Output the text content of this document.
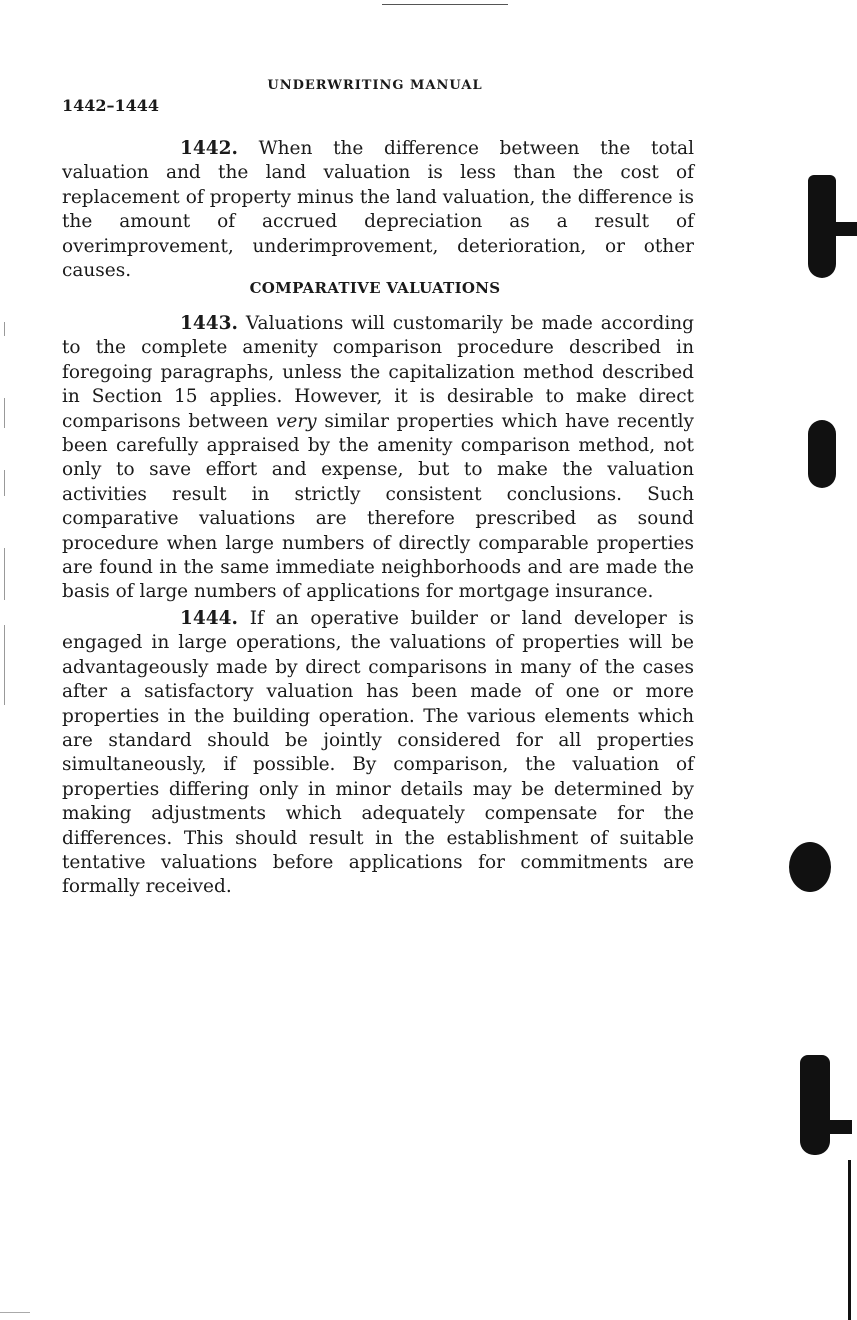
UNDERWRITING MANUAL
1442–1444

1442. When the difference between the total valuation and the land valuation is less than the cost of replacement of property minus the land valuation, the difference is the amount of accrued depreciation as a result of overimprovement, underimprovement, deterioration, or other causes.

COMPARATIVE VALUATIONS

1443. Valuations will customarily be made according to the complete amenity comparison procedure described in foregoing paragraphs, unless the capitalization method described in Section 15 applies. However, it is desirable to make direct comparisons between very similar properties which have recently been carefully appraised by the amenity comparison method, not only to save effort and expense, but to make the valuation activities result in strictly consistent conclusions. Such comparative valuations are therefore prescribed as sound procedure when large numbers of directly comparable properties are found in the same immediate neighborhoods and are made the basis of large numbers of applications for mortgage insurance.

1444. If an operative builder or land developer is engaged in large operations, the valuations of properties will be advantageously made by direct comparisons in many of the cases after a satisfactory valuation has been made of one or more properties in the building operation. The various elements which are standard should be jointly considered for all properties simultaneously, if possible. By comparison, the valuation of properties differing only in minor details may be determined by making adjustments which adequately compensate for the differences. This should result in the establishment of suitable tentative valuations before applications for commitments are formally received.
